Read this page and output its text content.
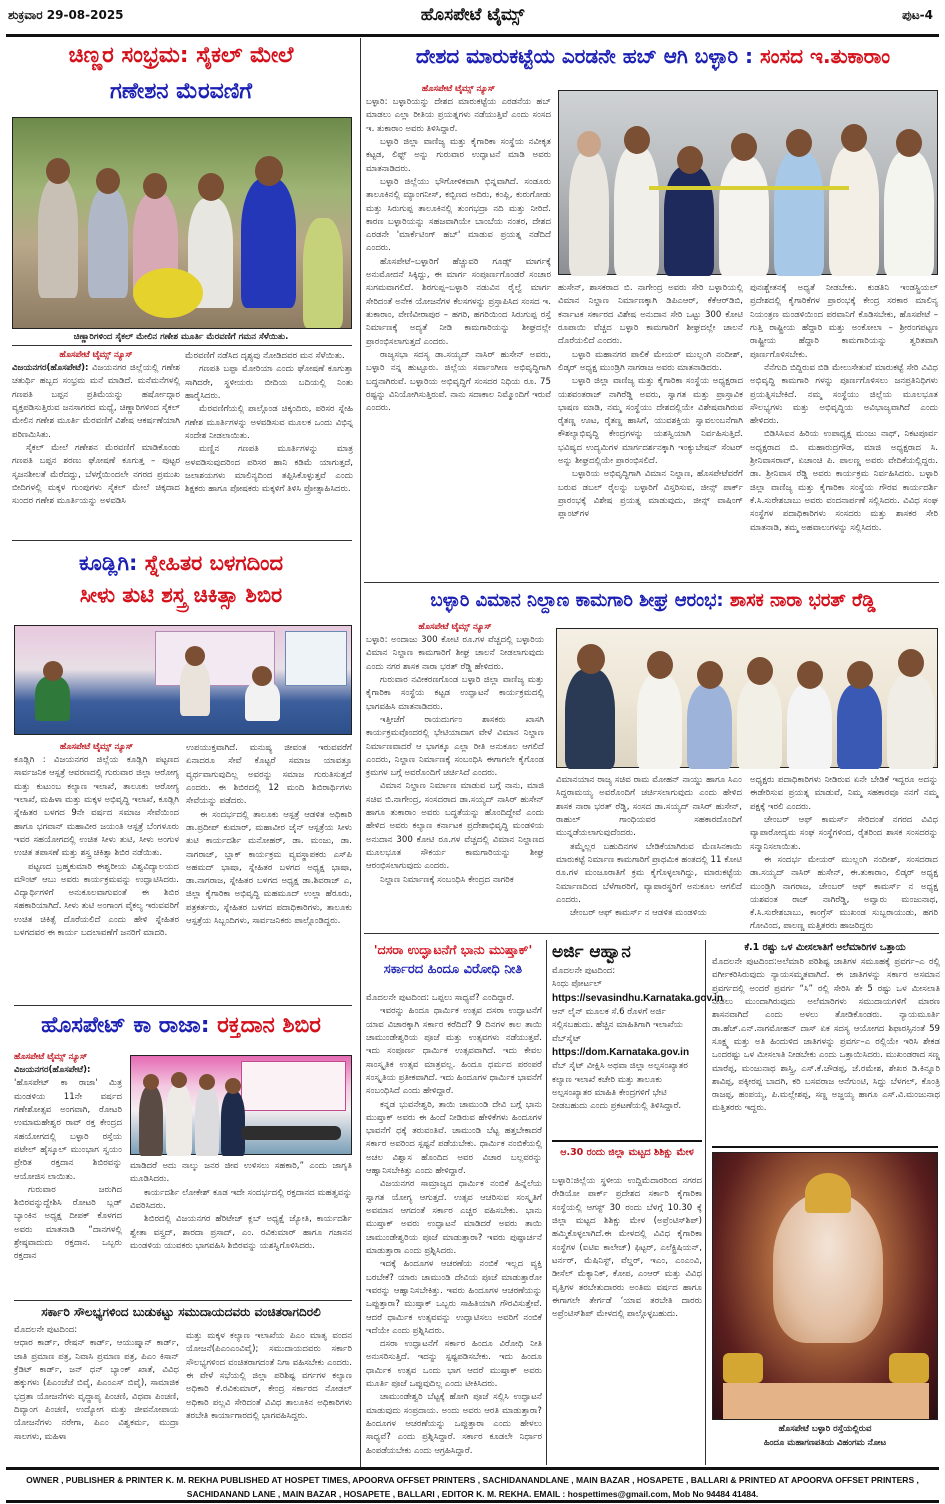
ಶುಕ್ರವಾರ 29-08-2025	ಹೊಸಪೇಟೆ ಟೈಮ್ಸ್	ಪುಟ-4
ಚಿಣ್ಣರ ಸಂಭ್ರಮ: ಸೈಕಲ್ ಮೇಲೆ
ಗಣೇಶನ ಮೆರವಣಿಗೆ
ಚಿಣ್ಣಾರಿಗಳಿಂದ ಸೈಕಲ್ ಮೇಲಿನ ಗಣೇಶ ಮೂರ್ತಿ ಮೆರವಣಿಗೆ ಗಮನ ಸೆಳೆಯಿತು.
ಹೊಸಪೇಟೆ ಟೈಮ್ಸ್ ನ್ಯೂಸ್

ವಿಜಯನಗರ(ಹೊಸಪೇಟೆ): ವಿಜಯನಗರ ಜಿಲ್ಲೆಯಲ್ಲಿ ಗಣೇಶ ಚತುರ್ಥಿ ಹಬ್ಬದ ಸಂಭ್ರಮ ಮನೆ ಮಾಡಿದೆ. ಮನೆಮನೆಗಳಲ್ಲಿ ಗಣಪತಿ ಬಪ್ಪನ ಪ್ರತಿಮೆಯನ್ನು ಹರ್ಷೋದ್ಗಾರ ವ್ಯಕ್ತಪಡಿಸುತ್ತಿರುವ ಜನಸಾಗರದ ಮಧ್ಯೆ, ಚಿಣ್ಣಾರಿಗಳಿಂದ ಸೈಕಲ್ ಮೇಲಿನ ಗಣೇಶ ಮೂರ್ತಿ ಮೆರವಣಿಗೆ ವಿಶೇಷ ಆಕರ್ಷಣೆಯಾಗಿ ಪರಿಣಮಿಸಿತು.

ಸೈಕಲ್ ಮೇಲೆ ಗಣೇಶನ ಮೆರವಣಿಗೆ ಮಾಡಿಕೊಂಡು ಗಣಪತಿ ಬಪ್ಪನ ಶರಣು ಘೋಷಣೆ ಕೂಗುತ್ತ – ಪುಟ್ಟರ ಸೃಜನಶೀಲತೆ ಮೆರೆದದ್ದು, ಬೆಳಗ್ಗೆಯಿಂದಲೇ ನಗರದ ಪ್ರಮುಖ ಬೀದಿಗಳಲ್ಲಿ ಮಕ್ಕಳ ಗುಂಪುಗಳು ಸೈಕಲ್ ಮೇಲೆ ಚಿಕ್ಕದಾದ ಸುಂದರ ಗಣೇಶ ಮೂರ್ತಿಯನ್ನು ಅಳವಡಿಸಿ

ಮೆರವಣಿಗೆ ನಡೆಸಿದ ದೃಶ್ಯವು ನೋಡಿದವರ ಮನ ಸೆಳೆಯಿತು.

ಗಣಪತಿ ಬಪ್ಪಾ ಮೋರಿಯಾ ಎಂದು ಘೋಷಣೆ ಕೂಗುತ್ತಾ ಸಾಗಿದರೇ, ಸ್ಥಳೀಯರು ಬೀದಿಯ ಬದಿಯಲ್ಲಿ ನಿಂತು ಹಾರೈಸಿದರು.

ಮೆರವಣಿಗೆಯಲ್ಲಿ ಪಾಲ್ಗೊಂಡ ಚಿಕ್ಕಂದಿರು, ಪರಿಸರ ಸ್ನೇಹಿ ಗಣೇಶ ಮೂರ್ತಿಗಳನ್ನು ಅಳವಡಿಸುವ ಮೂಲಕ ಒಂದು ವಿಭಿನ್ನ ಸಂದೇಶ ನೀಡಲಾಯಿತು.

ಮಣ್ಣಿನ ಗಣಪತಿ ಮೂರ್ತಿಗಳನ್ನು ಮಾತ್ರ ಅಳವಡಿಸುವುದರಿಂದ ಪರಿಸರ ಹಾನಿ ಕಡಿಮೆ ಯಾಗುತ್ತದೆ, ಜಲಾಶಯಗಳು ಮಾಲಿನ್ಯದಿಂದ ತಪ್ಪಿಸಿಕೊಳ್ಳುತ್ತವೆ ಎಂದು ಶಿಕ್ಷಕರು ಹಾಗೂ ಪೋಷಕರು ಮಕ್ಕಳಿಗೆ ತಿಳಿಸಿ ಪ್ರೋತ್ಸಾಹಿಸಿದರು.

ದೇಶದ ಮಾರುಕಟ್ಟೆಯ ಎರಡನೇ ಹಬ್ ಆಗಿ ಬಳ್ಳಾರಿ : ಸಂಸದ ಇ.ತುಕಾರಾಂ
ಹೊಸಪೇಟೆ ಟೈಮ್ಸ್ ನ್ಯೂಸ್

ಬಳ್ಳಾರಿ: ಬಳ್ಳಾರಿಯನ್ನು ದೇಶದ ಮಾರುಕಟ್ಟೆಯ ಎರಡನೆಯ ಹಬ್ ಮಾಡಲು ಎಲ್ಲಾ ರೀತಿಯ ಪ್ರಯತ್ನಗಳು ನಡೆಯುತ್ತಿವೆ ಎಂದು ಸಂಸದ ಇ. ತುಕಾರಾಂ ಅವರು ತಿಳಿಸಿದ್ದಾರೆ.

ಬಳ್ಳಾರಿ ಜಿಲ್ಲಾ ವಾಣಿಜ್ಯ ಮತ್ತು ಕೈಗಾರಿಕಾ ಸಂಸ್ಥೆಯ ನವೀಕೃತ ಕಟ್ಟಡ, ಲಿಫ್ಟ್ ಅನ್ನು ಗುರುವಾರ ಉದ್ಘಾಟನೆ ಮಾಡಿ ಅವರು ಮಾತನಾಡಿದರು.

ಬಳ್ಳಾರಿ ಜಿಲ್ಲೆಯು ಭೌಗೋಳಿಕವಾಗಿ ಭಿನ್ನವಾಗಿದೆ. ಸಂಡೂರು ತಾಲೂಕಿನಲ್ಲಿ ಮ್ಯಾಂಗನೀಸ್, ಕಬ್ಬಿಣದ ಅದಿರು, ಕಂಪ್ಲಿ, ಕುರುಗೋಡು ಮತ್ತು ಸಿರುಗುಪ್ಪ ತಾಲೂಕಿನಲ್ಲಿ ತುಂಗಭದ್ರಾ ನದಿ ಮತ್ತು ನೀರಿದೆ. ಕಾರಣ ಬಳ್ಳಾರಿಯನ್ನು ಸಹಜವಾಗಿಯೇ ಬಾಂಬೆಯ ನಂತರ, ದೇಶದ ಎರಡನೇ 'ಮಾರ್ಕೆಟಿಂಗ್ ಹಬ್' ಮಾಡುವ ಪ್ರಯತ್ನ ನಡೆದಿದೆ ಎಂದರು.

ಹೊಸಪೇಟೆ–ಬಳ್ಳಾರಿಗೆ ಹೆಚ್ಚುವರಿ ಗೂಡ್ಸ್ ಮಾರ್ಗಕ್ಕೆ ಅನುಮೋದನೆ ಸಿಕ್ಕಿದ್ದು, ಈ ಮಾರ್ಗ ಸಂಪೂರ್ಣಗೊಂಡರೆ ಸಂಚಾರ ಸುಗಮವಾಗಲಿದೆ. ಶಿರಗುಪ್ಪ–ಬಳ್ಳಾರಿ ನಡುವಿನ ರೈಲ್ವೆ ಮಾರ್ಗ ಸೇರಿದಂತೆ ಅನೇಕ ಯೋಜನೆಗಳ ಕೆಲಸಗಳನ್ನು ಪ್ರಸ್ತಾಪಿಸಿದ ಸಂಸದ ಇ. ತುಕಾರಾಂ, ವೇಣಿವೀರಾಪುರ – ಹಗರಿ, ಹಗರಿಯಿಂದ ಸಿರುಗುಪ್ಪ ರಸ್ತೆ ನಿರ್ಮಾಣಕ್ಕೆ ಅದ್ಯತೆ ನೀಡಿ ಕಾಮಗಾರಿಯನ್ನು ಶೀಘ್ರದಲ್ಲೇ ಪ್ರಾರಂಭಿಸಲಾಗುತ್ತದೆ ಎಂದರು.

ರಾಜ್ಯಸಭಾ ಸದಸ್ಯ ಡಾ.ಸಯ್ಯದ್ ನಾಸಿರ್ ಹುಸೇನ್ ಅವರು, ಬಳ್ಳಾರಿ ನನ್ನ ಹುಟ್ಟೂರು. ಜಿಲ್ಲೆಯ ಸರ್ವಾಂಗೀಣ ಅಭಿವೃದ್ಧಿಗಾಗಿ ಬದ್ಧನಾಗಿರುವೆ. ಬಳ್ಳಾರಿಯ ಅಭಿವೃದ್ಧಿಗೆ ಸಂಸದರ ನಿಧಿಯ ರೂ. 75 ರಷ್ಟನ್ನು ವಿನಿಯೋಗಿಸುತ್ತಿರುವೆ. ನಾನು ಸದಾಕಾಲ ನಿಮ್ಮೊಂದಿಗೆ ಇರುವೆ ಎಂದರು.

ಹುಸೇನ್, ಶಾಸಕರಾದ ಬಿ. ನಾಗೇಂದ್ರ ಅವರು ಸೇರಿ ಬಳ್ಳಾರಿಯಲ್ಲಿ ವಿಮಾನ ನಿಲ್ದಾಣ ನಿರ್ಮಾಣಕ್ಕಾಗಿ ಡಿಪಿಎಆರ್, ಕೆಕೆಆರ್‌ಡಿಬಿ, ಕರ್ನಾಟಕ ಸರ್ಕಾರದ ವಿಶೇಷ ಅನುದಾನ ಸೇರಿ ಒಟ್ಟು 300 ಕೋಟಿ ರೂಪಾಯಿ ವೆಚ್ಚದ ಬಳ್ಳಾರಿ ಕಾಮಗಾರಿಗೆ ಶೀಘ್ರದಲ್ಲೇ ಚಾಲನೆ ದೊರೆಯಲಿದೆ ಎಂದರು.

ಬಳ್ಳಾರಿ ಮಹಾನಗರ ಪಾಲಿಕೆ ಮೇಯರ್ ಮುಲ್ಲಂಗಿ ನಂದೀಶ್, ಲಿಡ್ಕರ್ ಅಧ್ಯಕ್ಷ ಮುಂಡ್ರಿಗಿ ನಾಗರಾಜ ಅವರು ಮಾತನಾಡಿದರು.

ಬಳ್ಳಾರಿ ಜಿಲ್ಲಾ ವಾಣಿಜ್ಯ ಮತ್ತು ಕೈಗಾರಿಕಾ ಸಂಸ್ಥೆಯ ಅಧ್ಯಕ್ಷರಾದ ಯಶವಂತರಾಜ್ ನಾಗಿರೆಡ್ಡಿ ಅವರು, ಸ್ವಾಗತ ಮತ್ತು ಪ್ರಾಸ್ತಾವಿಕ ಭಾಷಣ ಮಾಡಿ, ನಮ್ಮ ಸಂಸ್ಥೆಯು ದೇಶದಲ್ಲಿಯೇ ವಿಶೇಷವಾಗಿರುವ ರೈತಣ್ಣ ಊಟ, ರೈತಣ್ಣ ಹಾಸಿಗೆ, ಯುವಶಕ್ತಿಯ ಸ್ವಾವಲಂಬನೆಗಾಗಿ ಕೌಶಲ್ಯಾಭಿವೃದ್ಧಿ ಕೇಂದ್ರಗಳನ್ನು ಯಶಸ್ವಿಯಾಗಿ ನಿರ್ವಹಿಸುತ್ತಿದೆ. ಭವಿಷ್ಯದ ಉದ್ಯಮಿಗಳ ಮಾರ್ಗದರ್ಶನಕ್ಕಾಗಿ ಇಂಕ್ಯುಬೇಷನ್ ಸೆಂಟರ್ ಅನ್ನು ಶೀಘ್ರದಲ್ಲಿಯೇ ಪ್ರಾರಂಭಿಸಲಿದೆ.

ಬಳ್ಳಾರಿಯ ಅಭಿವೃದ್ಧಿಗಾಗಿ ವಿಮಾನ ನಿಲ್ದಾಣ, ಹೊಸಪೇಟೆವರೆಗೆ ಬರುವ ಡಬಲ್ ರೈಲನ್ನು ಬಳ್ಳಾರಿಗೆ ವಿಸ್ತರಿಸುವ, ಜೀನ್ಸ್ ಪಾರ್ಕ್ ಪ್ರಾರಂಭಕ್ಕೆ ವಿಶೇಷ ಪ್ರಯತ್ನ ಮಾಡುವುದು, ಜೀನ್ಸ್ ವಾಷಿಂಗ್ ಪ್ಲಾಂಟ್‌ಗಳ

ಪುನಃಶ್ಚೇತನಕ್ಕೆ ಅಧ್ಯತೆ ನೀಡಬೇಕು. ಕುಡತಿನಿ ಇಂಡಸ್ಟ್ರಿಯಲ್ ಪ್ರದೇಶದಲ್ಲಿ ಕೈಗಾರಿಕೆಗಳ ಪ್ರಾರಂಭಕ್ಕೆ ಕೇಂದ್ರ ಸರಕಾರ ಮಾಲಿನ್ಯ ನಿಯಂತ್ರಣ ಮಂಡಳಿಯಿಂದ ಪರವಾನಿಗೆ ಕೊಡಿಸಬೇಕು, ಹೊಸಪೇಟೆ – ಗುತ್ತಿ ರಾಷ್ಟ್ರೀಯ ಹೆದ್ದಾರಿ ಮತ್ತು ಅಂಕೋಲಾ – ಶ್ರೀರಂಗಪಟ್ಟಣ ರಾಷ್ಟ್ರೀಯ ಹೆದ್ದಾರಿ ಕಾಮಗಾರಿಯನ್ನು ತ್ವರಿತವಾಗಿ ಪೂರ್ಣಗೊಳಿಸಬೇಕು.

ನೆನೆಗುದಿ ಬಿದ್ದಿರುವ ಬಿಡಿ ಮೇಲುಸೇತುವೆ ಮಾರುಕಟ್ಟೆ ಸೇರಿ ವಿವಿಧ ಅಭಿವೃದ್ಧಿ ಕಾಮಗಾರಿ ಗಳನ್ನು ಪೂರ್ಣಗೊಳಿಸಲು ಜನಪ್ರತಿನಿಧಿಗಳು ಪ್ರಯತ್ನಿಸಬೇಕಿದೆ. ನಮ್ಮ ಸಂಸ್ಥೆಯು ಜಿಲ್ಲೆಯ ಮೂಲಭೂತ ಸೌಲಭ್ಯಗಳು ಮತ್ತು ಅಭಿವೃದ್ಧಿಯ ಅವಿಭಾಜ್ಯವಾಗಿದೆ ಎಂದು ಹೇಳಿದರು.

ಬಿಡಿಸಿಸಿಐನ ಹಿರಿಯ ಉಪಾಧ್ಯಕ್ಷ ಮಂಜು ನಾಥ್, ನಿಕಟಪೂರ್ವ ಅಧ್ಯಕ್ಷರಾದ ಬಿ. ಮಹಾರುದ್ರಗೌಡ, ಮಾಜಿ ಅಧ್ಯಕ್ಷರಾದ ಸಿ. ಶ್ರೀನಿವಾಸರಾವ್, ಏಚಾಂಚಿ ಪಿ. ಪಾಲಣ್ಣ ಅವರು ವೇದಿಕೆಯಲ್ಲಿದ್ದರು. ಡಾ. ಶ್ರೀನಿವಾಸ ರೆಡ್ಡಿ ಅವರು ಕಾರ್ಯಕ್ರಮ ನಿರ್ವಹಿಸಿದರು. ಬಳ್ಳಾರಿ ಜಿಲ್ಲಾ ವಾಣಿಜ್ಯ ಮತ್ತು ಕೈಗಾರಿಕಾ ಸಂಸ್ಥೆಯ ಗೌರವ ಕಾರ್ಯದರ್ಶಿ ಕೆ.ಸಿ.ಸುರೇಶಬಾಬು ಅವರು ವಂದನಾರ್ಪಣೆ ಸಲ್ಲಿಸಿದರು. ವಿವಿಧ ಸಂಘ ಸಂಸ್ಥೆಗಳ ಪದಾಧಿಕಾರಿಗಳು ಸಂಸದರು ಮತ್ತು ಶಾಸಕರ ಸೇರಿ ಮಾತನಾಡಿ, ತಮ್ಮ ಅಹವಾಲುಗಳನ್ನು ಸಲ್ಲಿಸಿದರು.

ಕೂಡ್ಲಿಗಿ: ಸ್ನೇಹಿತರ ಬಳಗದಿಂದ
ಸೀಳು ತುಟಿ ಶಸ್ತ್ರ ಚಿಕಿತ್ಸಾ ಶಿಬಿರ
ಹೊಸಪೇಟೆ ಟೈಮ್ಸ್ ನ್ಯೂಸ್

ಕೂಡ್ಲಿಗಿ : ವಿಜಯನಗರ ಜಿಲ್ಲೆಯ ಕೂಡ್ಲಿಗಿ ಪಟ್ಟಣದ ಸಾರ್ವಜನಿಕ ಆಸ್ಪತ್ರೆ ಆವರಣದಲ್ಲಿ ಗುರುವಾರ ಜಿಲ್ಲಾ ಆರೋಗ್ಯ ಮತ್ತು ಕುಟುಂಬ ಕಲ್ಯಾಣ ಇಲಾಖೆ, ತಾಲೂಕು ಆರೋಗ್ಯ ಇಲಾಖೆ, ಮಹಿಳಾ ಮತ್ತು ಮಕ್ಕಳ ಅಭಿವೃದ್ಧಿ ಇಲಾಖೆ, ಕೂಡ್ಲಿಗಿ ಸ್ನೇಹಿತರ ಬಳಗದ 9ನೇ ವರ್ಷದ ಸಮಾಜ ಸೇವೆಯಿಂದ ಹಾಗೂ ಭಗವಾನ್ ಮಹಾವೀರ ಜಯಂತಿ ಆಸ್ಪತ್ರೆ ಬೆಂಗಳೂರು ಇವರ ಸಹಯೋಗದಲ್ಲಿ ಉಚಿತ ಸೀಳು ತುಟಿ, ಸೀಳು ಅಂಗುಳ ಉಚಿತ ತಪಾಸಣೆ ಮತ್ತು ಶಸ್ತ್ರ ಚಿಕಿತ್ಸಾ ಶಿಬಿರ ನಡೆಯಿತು.

ಪಟ್ಟಣದ ಬ್ರಹ್ಮಕುಮಾರಿ ಈಶ್ವರೀಯ ವಿಶ್ವವಿದ್ಯಾಲಯದ ಮೌಂಟ್ ಆಬು ಅವರು ಕಾರ್ಯಕ್ರಮವನ್ನು ಉದ್ಘಾಟಿಸಿದರು. ವಿದ್ಯಾರ್ಥಿಗಳಿಗೆ ಅನುಕೂಲವಾಗುವಂತೆ ಈ ಶಿಬಿರ ಸಹಕಾರಿಯಾಗಿದೆ. ಸೀಳು ತುಟಿ ಅಂಗಾಂಗ ವೈಕಲ್ಯ ಇರುವವರಿಗೆ ಉಚಿತ ಚಿಕಿತ್ಸೆ ದೊರೆಯಲಿದೆ ಎಂದು ಹೇಳಿ ಸ್ನೇಹಿತರ ಬಳಗದವರ ಈ ಕಾರ್ಯ ಬದಲಾವಣೆಗೆ ಜನರಿಗೆ ಮಾದರಿ.

ಉಪಯುಕ್ತವಾಗಿದೆ. ಮನುಷ್ಯ ಜೀವಂತ ಇರುವವರೆಗೆ ಏನಾದರೂ ಸೇವೆ ಕೊಟ್ಟರೆ ಸಮಾಜ ಯಾವತ್ತೂ ವ್ಯರ್ಥವಾಗುವುದಿಲ್ಲ ಅವರನ್ನು ಸಮಾಜ ಗುರುತಿಸುತ್ತದೆ ಎಂದರು. ಈ ಶಿಬಿರದಲ್ಲಿ 12 ಮಂದಿ ಶಿಬಿರಾರ್ಥಿಗಳು ಸೇವೆಯನ್ನು ಪಡೆದರು.

ಈ ಸಂದರ್ಭದಲ್ಲಿ ತಾಲೂಕು ಆಸ್ಪತ್ರೆ ಆಡಳಿತ ಅಧಿಕಾರಿ ಡಾ.ಪ್ರದೀಪ್ ಕುಮಾರ್, ಮಹಾವೀರ ಜೈನ್ ಆಸ್ಪತ್ರೆಯ ಸೀಳು ತುಟಿ ಕಾರ್ಯದರ್ಶಿ ಮನೋಹರ್, ಡಾ. ಮಂಜು, ಡಾ. ನಾಗರಾಜ್, ಬ್ಲಾಕ್ ಕಾರ್ಯಕ್ರಮ ವ್ಯವಸ್ಥಾಪಕರು ಎಸ್‌ಪಿ ಅಹಮದ್ ಭಾಷಾ, ಸ್ನೇಹಿತರ ಬಳಗದ ಅಧ್ಯಕ್ಷ ಭಾಷಾ, ಡಾ.ನಾಗರಾಜ, ಸ್ನೇಹಿತರ ಬಳಗದ ಅಧ್ಯಕ್ಷ ಡಾ.ಶಿವರಾಜ್ ಎ, ಜಿಲ್ಲಾ ಕೈಗಾರಿಕಾ ಅಭಿವೃದ್ಧಿ ಮಹಮೂದ್ ಉಲ್ಲಾ ಹೆರೂರು, ಪತ್ರಕರ್ತರು, ಸ್ನೇಹಿತರ ಬಳಗದ ಪದಾಧಿಕಾರಿಗಳು, ತಾಲೂಕು ಆಸ್ಪತ್ರೆಯ ಸಿಬ್ಬಂದಿಗಳು, ಸಾರ್ವಜನಿಕರು ಪಾಲ್ಗೊಂಡಿದ್ದರು.

ಬಳ್ಳಾರಿ ವಿಮಾನ ನಿಲ್ದಾಣ ಕಾಮಗಾರಿ ಶೀಘ್ರ ಆರಂಭ: ಶಾಸಕ ನಾರಾ ಭರತ್ ರೆಡ್ಡಿ
ಹೊಸಪೇಟೆ ಟೈಮ್ಸ್ ನ್ಯೂಸ್

ಬಳ್ಳಾರಿ: ಅಂದಾಜು 300 ಕೋಟಿ ರೂ.ಗಳ ವೆಚ್ಚದಲ್ಲಿ ಬಳ್ಳಾರಿಯ ವಿಮಾನ ನಿಲ್ದಾಣ ಕಾಮಗಾರಿಗೆ ಶೀಘ್ರ ಚಾಲನೆ ನೀಡಲಾಗುವುದು ಎಂದು ನಗರ ಶಾಸಕ ನಾರಾ ಭರತ್ ರೆಡ್ಡಿ ಹೇಳಿದರು.

ಗುರುವಾರ ನವೀಕರಣಗೊಂಡ ಬಳ್ಳಾರಿ ಜಿಲ್ಲಾ ವಾಣಿಜ್ಯ ಮತ್ತು ಕೈಗಾರಿಕಾ ಸಂಸ್ಥೆಯ ಕಟ್ಟಡ ಉದ್ಘಾಟನೆ ಕಾರ್ಯಕ್ರಮದಲ್ಲಿ ಭಾಗವಹಿಸಿ ಮಾತನಾಡಿದರು.

ಇತ್ತೀಚೆಗೆ ರಾಯದುರ್ಗಂ ಶಾಸಕರು ಖಾಸಗಿ ಕಾರ್ಯಕ್ರಮವೊಂದರಲ್ಲಿ ಭೇಟಿಯಾದಾಗ ವೇಳೆ ವಿಮಾನ ನಿಲ್ದಾಣ ನಿರ್ಮಾಣವಾದರೆ ಆ ಭಾಗಕ್ಕೂ ಎಲ್ಲಾ ರೀತಿ ಅನುಕೂಲ ಆಗಲಿದೆ ಎಂದರು, ನಿಲ್ದಾಣ ನಿರ್ಮಾಣಕ್ಕೆ ಸಂಬಂಧಿಸಿ ಈಗಾಗಲೇ ಕೈಗೊಂಡ ಕ್ರಮಗಳ ಬಗ್ಗೆ ಅವರೊಂದಿಗೆ ಚರ್ಚಿಸಿದೆ ಎಂದರು.

ವಿಮಾನ ನಿಲ್ದಾಣ ನಿರ್ಮಾಣ ಮಾಡುವ ಬಗ್ಗೆ ನಾನು, ಮಾಜಿ ಸಚಿವ ಬಿ.ನಾಗೇಂದ್ರ, ಸಂಸದರಾದ ಡಾ.ಸಯ್ಯದ್ ನಾಸಿರ್ ಹುಸೇನ್ ಹಾಗೂ ತುಕಾರಾಂ ಅವರು ಬದ್ಧತೆಯನ್ನು ಹೊಂದಿದ್ದೇವೆ ಎಂದು ಹೇಳಿದ ಅವರು ಕಲ್ಯಾಣ ಕರ್ನಾಟಕ ಪ್ರದೇಶಾಭಿವೃದ್ಧಿ ಮಂಡಳಿಯ ಅನುದಾನ 300 ಕೋಟಿ ರೂ.ಗಳ ವೆಚ್ಚದಲ್ಲಿ ವಿಮಾನ ನಿಲ್ದಾಣದ ಮೂಲಭೂತ ಸೌಕರ್ಯ ಕಾಮಗಾರಿಯನ್ನು ಶೀಘ್ರ ಆರಂಭಿಸಲಾಗುವುದು ಎಂದರು.

ನಿಲ್ದಾಣ ನಿರ್ಮಾಣಕ್ಕೆ ಸಂಬಂಧಿಸಿ ಕೇಂದ್ರದ ನಾಗರಿಕ

ವಿಮಾನಯಾನ ರಾಜ್ಯ ಸಚಿವ ರಾಮ ಮೋಹನ್ ನಾಯ್ಡು ಹಾಗೂ ಸಿಎಂ ಸಿದ್ದರಾಮಯ್ಯ ಅವರೊಂದಿಗೆ ಚರ್ಚಿಸಲಾಗುವುದು ಎಂದು ಹೇಳಿದ ಶಾಸಕ ನಾರಾ ಭರತ್ ರೆಡ್ಡಿ, ಸಂಸದ ಡಾ.ಸಯ್ಯದ್ ನಾಸಿರ್ ಹುಸೇನ್, ರಾಹುಲ್ ಗಾಂಧಿಯವರ ಸಹಕಾರದೊಂದಿಗೆ ಮುನ್ನಡೆಯಲಾಗುವುದೆಂದರು.

ತಮ್ಮೆಲ್ಲರ ಬಹುದಿನಗಳ ಬೇಡಿಕೆಯಾಗಿರುವ ಮೆಣಸಿನಕಾಯಿ ಮಾರುಕಟ್ಟೆ ನಿರ್ಮಾಣ ಕಾಮಗಾರಿಗೆ ಪ್ರಾಥಮಿಕ ಹಂತದಲ್ಲಿ 11 ಕೋಟಿ ರೂ.ಗಳ ಮಂಜೂರಾತಿಗೆ ಕ್ರಮ ಕೈಗೊಳ್ಳಲಾಗಿದ್ದು, ಮಾರುಕಟ್ಟೆಯ ನಿರ್ಮಾಣದಿಂದ ಬೆಳೆಗಾರರಿಗೆ, ವ್ಯಾಪಾರಸ್ಥರಿಗೆ ಅನುಕೂಲ ಆಗಲಿದೆ ಎಂದರು.

ಚೇಂಬರ್ ಆಫ್ ಕಾಮರ್ಸ್ ನ ಆಡಳಿತ ಮಂಡಳಿಯ

ಅಧ್ಯಕ್ಷರು ಪದಾಧಿಕಾರಿಗಳು ನೀಡಿರುವ ಏನೇ ಬೇಡಿಕೆ ಇದ್ದರೂ ಅದನ್ನು ಈಡೇರಿಸುವ ಪ್ರಯತ್ನ ಮಾಡುವೆ, ನಿಮ್ಮ ಸಹಕಾರವೂ ನನಗೆ ನಮ್ಮ ಪಕ್ಷಕ್ಕೆ ಇರಲಿ ಎಂದರು.

ಚೇಂಬರ್ ಆಫ್ ಕಾಮರ್ಸ್ ಸೇರಿದಂತೆ ನಗರದ ವಿವಿಧ ವ್ಯಾಪಾರೋದ್ಯಮ ಸಂಘ ಸಂಸ್ಥೆಗಳಿಂದ, ರೈತರಿಂದ ಶಾಸಕ ಸಂಸದರನ್ನು ಸನ್ಮಾನಿಸಲಾಯಿತು.

ಈ ಸಂದರ್ಭ ಮೇಯರ್ ಮುಲ್ಲಂಗಿ ನಂದೀಶ್, ಸಂಸದರಾದ ಡಾ.ಸಯ್ಯದ್ ನಾಸಿರ್ ಹುಸೇನ್, ಈ.ತುಕಾರಾಂ, ಲಿಡ್ಕರ್ ಅಧ್ಯಕ್ಷ ಮುಂಡ್ರಿಗಿ ನಾಗರಾಜ, ಚೇಂಬರ್ ಆಫ್ ಕಾಮರ್ಸ್ ನ ಅಧ್ಯಕ್ಷ ಯಶವಂತ ರಾಜ್ ನಾಗಿರೆಡ್ಡಿ, ಅವ್ವಾರು ಮಂಜುನಾಥ, ಕೆ.ಸಿ.ಸುರೇಶಬಾಬು, ಕಾಂಗ್ರೆಸ್ ಮುಖಂಡ ಸುಬ್ಬರಾಯುಡು, ಹಗರಿ ಗೋವಿಂದ, ಪಾಲಣ್ಣ ಮತ್ತಿತರರು ಹಾಜರಿದ್ದರು

ಹೊಸಪೇಟ್ ಕಾ ರಾಜಾ: ರಕ್ತದಾನ ಶಿಬಿರ
ಹೊಸಪೇಟೆ ಟೈಮ್ಸ್ ನ್ಯೂಸ್

ವಿಜಯನಗರ(ಹೊಸಪೇಟೆ): 'ಹೊಸಪೇಟ್ ಕಾ ರಾಜಾ' ಮಿತ್ರ ಮಂಡಳಿಯ 11ನೇ ವರ್ಷದ ಗಣೇಶೋತ್ಸವ ಅಂಗವಾಗಿ, ರೋಟರಿ ಉಮಾಮಹೇಶ್ವರ ರಾವ್ ರಕ್ತ ಕೇಂದ್ರದ ಸಹಯೋಗದಲ್ಲಿ ಬಳ್ಳಾರಿ ರಸ್ತೆಯ ಪಟೇಲ್ ಹೈಸ್ಕೂಲ್ ಮುಂಭಾಗ ಸ್ವಯಂ ಪ್ರೇರಿತ ರಕ್ತದಾನ ಶಿಬಿರವನ್ನು ಆಯೋಜಿಸ ಲಾಯಿತು.

ಗುರುವಾರ ಜರುಗಿದ ಶಿಬಿರವನ್ನುದ್ದೇಶಿಸಿ ರೋಟರಿ ಬ್ಲಡ್ ಬ್ಯಾಂಕಿನ ಅಧ್ಯಕ್ಷ ದೀಪಕ್ ಕೊಳಗದ ಅವರು ಮಾತನಾಡಿ “ದಾನಗಳಲ್ಲಿ ಶ್ರೇಷ್ಠವಾದುದು ರಕ್ತದಾನ. ಒಬ್ಬರು ರಕ್ತದಾನ

ಮಾಡಿದರೆ ಅದು ನಾಲ್ಕು ಜನರ ಜೀವ ಉಳಿಸಲು ಸಹಕಾರಿ,” ಎಂದು ಜಾಗೃತಿ ಮೂಡಿಸಿದರು.

ಕಾರ್ಯದರ್ಶಿ ಲೋಕೇಶ್ ಕೂಡ ಇದೇ ಸಂದರ್ಭದಲ್ಲಿ ರಕ್ತದಾನದ ಮಹತ್ವವನ್ನು ವಿವರಿಸಿದರು.

ಶಿಬಿರದಲ್ಲಿ ವಿಜಯನಗರ ಹೆರಿಟೇಜ್ ಕ್ಲಬ್ ಅಧ್ಯಕ್ಷೆ ಜ್ಯೋತಿ, ಕಾರ್ಯದರ್ಶಿ ಶ್ವೇತಾ ವಸ್ತ್ರದ್, ಶಾರದಾ ಪ್ರಸಾದ್, ಎಂ. ರವಿಕುಮಾರ್ ಹಾಗೂ ಗಜಾನನ ಮಂಡಳಿಯ ಯುವಕರು ಭಾಗವಹಿಸಿ ಶಿಬಿರವನ್ನು ಯಶಸ್ವಿಗೊಳಿಸಿದರು.

ಸರ್ಕಾರಿ ಸೌಲಭ್ಯಗಳಿಂದ ಬುಡುಕಟ್ಟು ಸಮುದಾಯದವರು ವಂಚಿತರಾಗದಿರಲಿ

ಮೊದಲನೇ ಪುಟದಿಂದ:

ಆಧಾರ ಕಾರ್ಡ್, ರೇಷನ್ ಕಾರ್ಡ್, ಆಯುಷ್ಮಾನ್ ಕಾರ್ಡ್, ಜಾತಿ ಪ್ರಮಾಣ ಪತ್ರ, ನಿವಾಸಿ ಪ್ರಮಾಣ ಪತ್ರ, ಪಿಎಂ ಕಿಸಾನ್ ಕ್ರೆಡಿಟ್ ಕಾರ್ಡ್, ಜನ್ ಧನ್ ಬ್ಯಾಂಕ್ ಖಾತೆ, ವಿವಿಧ ಹಕ್ಕುಗಳು (ಪಿಎಂಜೆಜೆ ಬಿವೈ, ಪಿಎಂಎಸ್ ಬಿವೈ), ಸಾಮಾಜಿಕ ಭದ್ರತಾ ಯೋಜನೆಗಳು ವೃದ್ಧಾಪ್ಯ ಪಿಂಚಣಿ, ವಿಧವಾ ಪಿಂಚಣಿ, ದಿವ್ಯಾಂಗ ಪಿಂಚಣಿ, ಉದ್ಯೋಗ ಮತ್ತು ಜೀವನೋಪಾಯ ಯೋಜನೆಗಳು ನರೇಗಾ, ಪಿಎಂ ವಿಶ್ವಕರ್ಮ, ಮುದ್ರಾ ಸಾಲಗಳು, ಮಹಿಳಾ

ಮತ್ತು ಮಕ್ಕಳ ಕಲ್ಯಾಣ ಇಲಾಖೆಯ ಪಿಎಂ ಮಾತೃ ವಂದನ ಯೋಜನೆ(ಪಿಎಂಎಂವಿವೈ); ಸಮುದಾಯದವರು ಸರ್ಕಾರಿ ಸೌಲಭ್ಯಗಳಿಂದ ವಂಚಿತರಾಗದಂತೆ ನಿಗಾ ವಹಿಸಬೇಕು ಎಂದರು. ಈ ವೇಳೆ ಸಭೆಯಲ್ಲಿ ಜಿಲ್ಲಾ ಪರಿಶಿಷ್ಟ ವರ್ಗಗಳ ಕಲ್ಯಾಣ ಅಧಿಕಾರಿ ಕೆ.ರವಿಕುಮಾರ್, ಕೇಂದ್ರ ಸರ್ಕಾರದ ನೋಡಲ್ ಅಧಿಕಾರಿ ಪಲ್ಲವಿ ಸೇರಿದಂತೆ ವಿವಿಧ ತಾಲೂಕಿನ ಅಧಿಕಾರಿಗಳು ತರಬೇತಿ ಕಾರ್ಯಾಗಾರದಲ್ಲಿ ಭಾಗವಹಿಸಿದ್ದರು.

'ದಸರಾ ಉದ್ಘಾಟನೆಗೆ ಭಾನು ಮುಷ್ತಾಕ್'
ಸರ್ಕಾರದ ಹಿಂದೂ ವಿರೋಧಿ ನೀತಿ

ಮೊದಲನೇ ಪುಟದಿಂದ: ಒಪ್ಪಲು ಸಾಧ್ಯವೆ? ಎಂದಿದ್ದಾರೆ.

ಇವರನ್ನು ಹಿಂದೂ ಧಾರ್ಮಿಕ ಉತ್ಸವ ದಸರಾ ಉದ್ಘಾಟನೆಗೆ ಯಾವ ವಿಚಾರಕ್ಕಾಗಿ ಸರ್ಕಾರ ಕರೆದಿದೆ? 9 ದಿನಗಳ ಕಾಲ ತಾಯಿ ಚಾಮುಂಡೇಶ್ವರಿಯ ಪೂಜೆ ಮತ್ತು ಉತ್ಸವಗಳು ನಡೆಯುತ್ತವೆ. ಇದು ಸಂಪೂರ್ಣ ಧಾರ್ಮಿಕ ಉತ್ಸವವಾಗಿದೆ. ಇದು ಕೇವಲ ಸಾಂಸ್ಕೃತಿಕ ಉತ್ಸವ ಮಾತ್ರವಲ್ಲ. ಹಿಂದೂ ಧರ್ಮದ ಪರಂಪರೆ ಸಂಸ್ಕೃತಿಯ ಪ್ರತೀಕವಾಗಿದೆ. ಇದು ಹಿಂದೂಗಳ ಧಾರ್ಮಿಕ ಭಾವನೆಗೆ ಸಂಬಂಧಿಸಿದೆ ಎಂದು ಹೇಳಿದ್ದಾರೆ.

ಕನ್ನಡ ಭುವನೇಶ್ವರಿ, ತಾಯಿ ಚಾಮುಂಡಿ ದೇವಿ ಬಗ್ಗೆ ಭಾನು ಮುಷ್ತಾಕ್ ಅವರು ಈ ಹಿಂದೆ ನೀಡಿರುವ ಹೇಳಿಕೆಗಳು ಹಿಂದೂಗಳ ಭಾವನೆಗೆ ಧಕ್ಕೆ ತರುವಂತಿವೆ. ಚಾಮುಂಡಿ ಬೆಟ್ಟ ಹತ್ತಬೇಕಾದರೆ ಸರ್ಕಾರ ಅವರಿಂದ ಸ್ಪಷ್ಟನೆ ಪಡೆಯಬೇಕು. ಧಾರ್ಮಿಕ ನಂಬಿಕೆಯಲ್ಲಿ ಅಚಲ ವಿಶ್ವಾಸ ಹೊಂದಿದ ಅವರ ವಿಚಾರ ಬಲ್ಲವರನ್ನು ಆಹ್ವಾನಿಸಬೇಕಿತ್ತು ಎಂದು ಹೇಳಿದ್ದಾರೆ.

ವಿಜಯನಗರ ಸಾಮ್ರಾಜ್ಯದ ಧಾರ್ಮಿಕ ನಂಬಿಕೆ ಹಿನ್ನೆಲೆಯ ಸ್ವಾಗತ ಯೋಗ್ಯ ಆಗುತ್ತದೆ. ಉತ್ಸವ ಆಚರಿಸುವ ಸಂಸ್ಕೃತಿಗೆ ಅವಮಾನ ಆಗದಂತೆ ಸರ್ಕಾರ ಎಚ್ಚರ ವಹಿಸಬೇಕು. ಭಾನು ಮುಷ್ತಾಕ್ ಅವರು ಉದ್ಘಾಟನೆ ಮಾಡಿದರೆ ಅವರು ತಾಯಿ ಚಾಮುಂಡೇಶ್ವರಿಯ ಪೂಜೆ ಮಾಡುತ್ತಾರಾ? ಇವರು ಪುಷ್ಪಾರ್ಚನೆ ಮಾಡುತ್ತಾರಾ ಎಂದು ಪ್ರಶ್ನಿಸಿದರು.

ಇದಕ್ಕೆ ಹಿಂದೂಗಳ ಆಚರಣೆಯ ನಂಬಿಕೆ ಇಲ್ಲದ ವ್ಯಕ್ತಿ ಬರಬೇಕೆ? ಯಾರು ಚಾಮುಂಡಿ ದೇವಿಯ ಪೂಜೆ ಮಾಡುತ್ತಾರೋ ಇವರನ್ನು ಆಹ್ವಾನಿಸಬೇಕಿತ್ತು. ಇವರು ಹಿಂದೂಗಳ ಆಚರಣೆಯನ್ನು ಒಪ್ಪುತ್ತಾರಾ? ಮುಷ್ತಾಕ್ ಒಬ್ಬರು ಸಾಹಿತಿಯಾಗಿ ಗೌರವಿಸುತ್ತೇವೆ. ಆದರೆ ಧಾರ್ಮಿಕ ಉತ್ಸವವನ್ನು ಉದ್ಘಾಟಿಸಲು ಅವರಿಗೆ ನಂಬಿಕೆ ಇದೆಯೇ ಎಂದು ಪ್ರಶ್ನಿಸಿದರು.

ದಸರಾ ಉದ್ಘಾಟನೆಗೆ ಸರ್ಕಾರ ಹಿಂದೂ ವಿರೋಧಿ ನೀತಿ ಅನುಸರಿಸುತ್ತಿದೆ. ಇದನ್ನು ಸ್ಪಷ್ಟಪಡಿಸಬೇಕು. ಇದು ಹಿಂದೂ ಧಾರ್ಮಿಕ ಉತ್ಸವ ಒಂದು ಭಾಗ ಆದರೆ ಮುಷ್ತಾಕ್ ಅವರು ಮೂರ್ತಿ ಪೂಜೆ ಒಪ್ಪುವುದಿಲ್ಲ ಎಂದು ಟೀಕಿಸಿದರು.

ಚಾಮುಂಡೇಶ್ವರಿ ಬೆಟ್ಟಕ್ಕೆ ಹೋಗಿ ಪೂಜೆ ಸಲ್ಲಿಸಿ ಉದ್ಘಾಟನೆ ಮಾಡುವುದು ಸಂಪ್ರದಾಯ. ಅಂದು ಅವರು ಆರತಿ ಮಾಡುತ್ತಾರಾ? ಹಿಂದೂಗಳ ಆಚರಣೆಯನ್ನು ಒಪ್ಪುತ್ತಾರಾ ಎಂದು ಹೇಳಲು ಸಾಧ್ಯವೆ? ಎಂದು ಪ್ರಶ್ನಿಸಿದ್ದಾರೆ. ಸರ್ಕಾರ ಕೂಡಲೇ ನಿರ್ಧಾರ ಹಿಂಪಡೆಯಬೇಕು ಎಂದು ಆಗ್ರಹಿಸಿದ್ದಾರೆ.

ಅರ್ಜಿ ಆಹ್ವಾನ

ಮೊದಲನೇ ಪುಟದಿಂದ:

ಸಿಂಧು ಪೋರ್ಟಲ್ https://sevasindhu.Karnataka.gov.in ಆನ್ ಲೈನ್ ಮೂಲಕ ಸೆ.6 ರೊಳಗೆ ಅರ್ಜಿ ಸಲ್ಲಿಸಬಹುದು. ಹೆಚ್ಚಿನ ಮಾಹಿತಿಗಾಗಿ ಇಲಾಖೆಯ ವೆಬ್‌ಸೈಟ್ https://dom.Karnataka.gov.in ವೆಬ್ ಸೈಟ್ ವೀಕ್ಷಿಸಿ ಅಥವಾ ಜಿಲ್ಲಾ ಅಲ್ಪಸಂಖ್ಯಾತರ ಕಲ್ಯಾಣ ಇಲಾಖೆ ಕಚೇರಿ ಮತ್ತು ತಾಲೂಕು ಅಲ್ಪಸಂಖ್ಯಾತರ ಮಾಹಿತಿ ಕೇಂದ್ರಗಳಿಗೆ ಭೇಟಿ ನೀಡಬಹುದು ಎಂದು ಪ್ರಕಟಣೆಯಲ್ಲಿ ತಿಳಿಸಿದ್ದಾರೆ.

ಆ.30 ರಂದು ಜಿಲ್ಲಾ ಮಟ್ಟದ ಶಿಶಿಕ್ಷು ಮೇಳ

ಬಳ್ಳಾರಿ:ಜಿಲ್ಲೆಯ ಸ್ಥಳೀಯ ಉದ್ದಿಮೆದಾರರಿಂದ ನಗರದ ರೇಡಿಯೋ ಪಾರ್ಕ್ ಪ್ರದೇಶದ ಸರ್ಕಾರಿ ಕೈಗಾರಿಕಾ ಸಂಸ್ಥೆಯಲ್ಲಿ ಆಗಸ್ಟ್ 30 ರಂದು ಬೆಳಗ್ಗೆ 10.30 ಕ್ಕೆ ಜಿಲ್ಲಾ ಮಟ್ಟದ ಶಿಶಿಕ್ಷು ಮೇಳ (ಅಪ್ರೆಂಟಿಸ್‌ಶಿಪ್) ಹಮ್ಮಿಕೊಳ್ಳಲಾಗಿದೆ.ಈ ಮೇಳದಲ್ಲಿ ವಿವಿಧ ಕೈಗಾರಿಕಾ ಸಂಸ್ಥೆಗಳ (ಐಟಿಐ ಕಾಲೇಜ್) ಫಿಟ್ಟರ್, ಎಲೆಕ್ಟ್ರಿಷಿಯನ್, ಟರ್ನರ್, ಮೆಷಿನಿಸ್ಟ್, ವೆಲ್ಡರ್, ಇಎಂ, ಎಂಎಂವಿ, ಡೀಸೆಲ್ ಮೆಕ್ಯಾನಿಕ್, ಕೋಪ, ಎಂಆರ್ ಮತ್ತು ವಿವಿಧ ವೃತ್ತಿಗಳ ತರಬೇತುದಾರರು ಅಂತಿಮ ವರ್ಷದ ಹಾಗೂ ಈಗಾಗಲೇ ತೇರ್ಗಡೆ ‘ಯಾವ ತರಬೇತಿ ದಾರರು ಅಪ್ರೆಂಟಿಸ್‌ಶಿಪ್ ಮೇಳದಲ್ಲಿ ಪಾಲ್ಗೊಳ್ಳಬಹುದು.

ಕೆ.1 ರಷ್ಟು ಒಳ ಮೀಸಲಾತಿಗೆ ಅಲೆಮಾರಿಗಳ ಒತ್ತಾಯ

ಮೊದಲನೇ ಪುಟದಿಂದ:ಅಲೆಮಾರಿ ಪರಿಶಿಷ್ಟ ಜಾತಿಗಳ ಸಮೂಹಕ್ಕೆ ಪ್ರವರ್ಗ–ಎ ರಲ್ಲಿ ವರ್ಗೀಕರಿಸಿರುವುದು ನ್ಯಾಯಸಮ್ಮತವಾಗಿದೆ. ಈ ಜಾತಿಗಳನ್ನು ಸರ್ಕಾರ ಅಸಮಾನ ಪ್ರವರ್ಗದಲ್ಲಿ ಅಂದರೆ ಪ್ರವರ್ಗ “ಸಿ” ರಲ್ಲಿ ಸೇರಿಸಿ ಶೇ 5 ರಷ್ಟು ಒಳ ಮೀಸಲಾತಿ ನೀಡಲು ಮುಂದಾಗಿರುವುದು ಅಲೆಮಾರಿಗಳು ಸಮುದಾಯಗಳಿಗೆ ಮಾರಣ ಶಾಸನವಾಗಿದೆ ಎಂದು ಅಳಲು ತೋಡಿಕೊಂಡರು. ನ್ಯಾಯಮೂರ್ತಿ ಡಾ.ಹೆಚ್.ಎನ್.ನಾಗಮೋಹನ್ ದಾಸ್ ಏಕ ಸದಸ್ಯ ಆಯೋಗದ ಶಿಫಾರಸ್ಸಿನಂತೆ 59 ಸೂಕ್ಷ್ಮ ಮತ್ತು ಅತಿ ಹಿಂದುಳಿದ ಜಾತಿಗಳನ್ನು ಪ್ರವರ್ಗ–ಎ ರಲ್ಲಿಯೇ ಇರಿಸಿ ಶೇಕಡ ಒಂದರಷ್ಟು ಒಳ ಮೀಸಲಾತಿ ನೀಡಬೇಕು ಎಂದು ಒತ್ತಾಯಿಸಿದರು. ಮುಖಂಡರಾದ ಸಣ್ಣ ಮಾರೆಪ್ಪ, ಮಂಜುನಾಥ ಶಾಸ್ತ್ರಿ, ಎಸ್.ಕೆ.ಚೌಡಪ್ಪ, ಜೆ.ರಮೇಶ, ಶೇಖರ ಡಿ.ಕಿನ್ನೂರಿ ಶಾವಿಪ್ಪ, ಪಕ್ಕೀರಪ್ಪ ಬಾದಗಿ, ಕರಿ ಬಸವರಾಜ ಆನೆಗುಂಟಿ, ಸಿದ್ದು ಬೆಳಗಲ್, ಕೊಂತ್ರಿ ರಾಜಪ್ಪ, ಹಂಪಯ್ಯ, ಪಿ.ಮಲ್ಲೇಶಪ್ಪ, ಸಣ್ಣ ಅಜ್ಜಯ್ಯ ಹಾಗೂ ಎಸ್.ವಿ.ಮಂಜುನಾಥ ಮತ್ತಿತರರು ಇದ್ದರು.

ಹೊಸಪೇಟೆ ಬಳ್ಳಾರಿ ರಸ್ತೆಯಲ್ಲಿರುವ
ಹಿಂದೂ ಮಹಾಗಣಪತಿಯ ವಿಹಂಗಮ ನೋಟ
OWNER , PUBLISHER & PRINTER K. M. REKHA PUBLISHED AT HOSPET TIMES, APOORVA OFFSET PRINTERS , SACHIDANANDLANE , MAIN BAZAR , HOSAPETE , BALLARI & PRINTED AT APOORVA OFFSET PRINTERS ,
SACHIDANAND LANE , MAIN BAZAR , HOSAPETE , BALLARI , EDITOR K. M. REKHA. EMAIL : hospettimes@gmail.com, Mob No 94484 41484.
